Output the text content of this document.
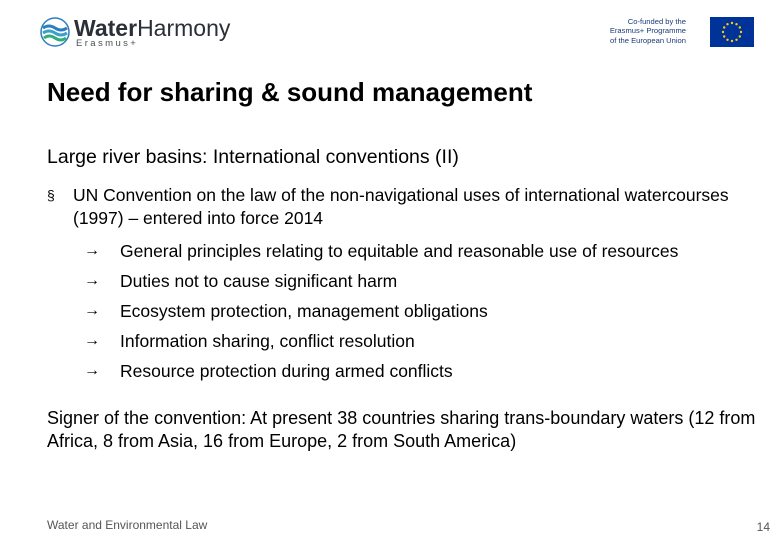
WaterHarmony
Erasmus+
Co-funded by the
Erasmus+ Programme
of the European Union
Need for sharing & sound management
Large river basins: International conventions (II)
§ UN Convention on the law of the non-navigational uses of international watercourses (1997) – entered into force 2014
→ General principles relating to equitable and reasonable use of resources
→ Duties not to cause significant harm
→ Ecosystem protection, management obligations
→ Information sharing, conflict resolution
→ Resource protection during armed conflicts
Signer of the convention: At present 38 countries sharing trans-boundary waters (12 from Africa, 8 from Asia, 16 from Europe, 2 from South America)
Water and Environmental Law	14
